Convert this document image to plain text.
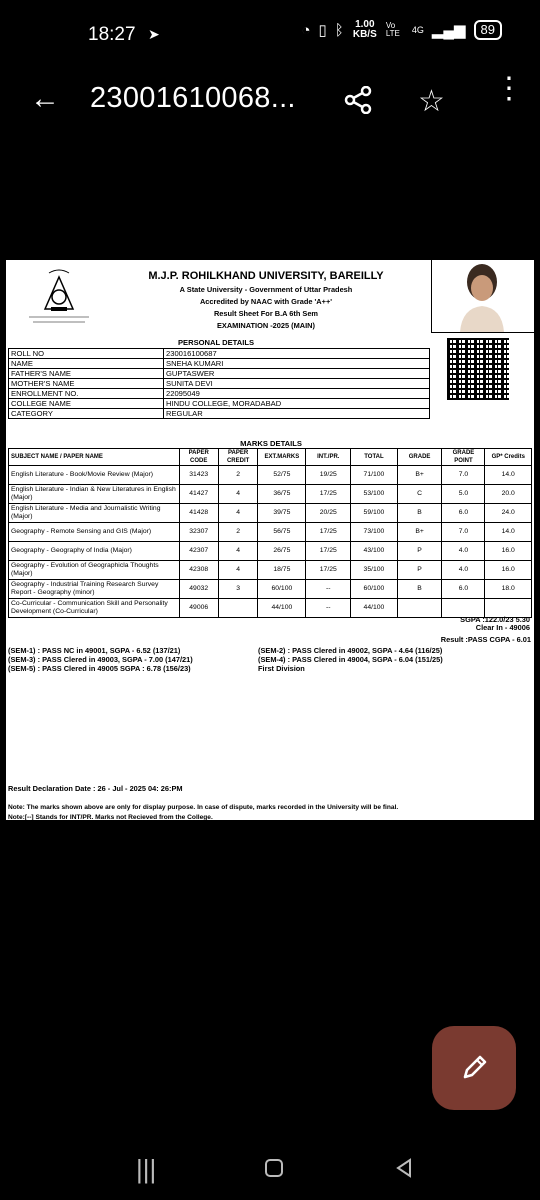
18:27 ➤	◔ ▯ ᛒ	1.00 KB/S
Vo LTE	4G ▂▄▆	89
← 23001610068...	☆ ⋮
M.J.P. ROHILKHAND UNIVERSITY, BAREILLY
A State University - Government of Uttar Pradesh
Accredited by NAAC with Grade 'A++'
Result Sheet For B.A 6th Sem
EXAMINATION -2025 (MAIN)
PERSONAL DETAILS
ROLL NO	230016100687
NAME	SNEHA KUMARI
FATHER'S NAME	GUPTASWER
MOTHER'S NAME	SUNITA DEVI
ENROLLMENT NO.	22095049
COLLEGE NAME	HINDU COLLEGE, MORADABAD
CATEGORY	REGULAR
MARKS DETAILS
SUBJECT NAME / PAPER NAME	PAPER CODE	PAPER CREDIT	EXT.MARKS	INT./PR.	TOTAL	GRADE	GRADE POINT	GP* Credits
English Literature - Book/Movie Review (Major)	31423	2	52/75	19/25	71/100	B+	7.0	14.0
English Literature - Indian & New Literatures in English (Major)	41427	4	36/75	17/25	53/100	C	5.0	20.0
English Literature - Media and Journalistic Writing (Major)	41428	4	39/75	20/25	59/100	B	6.0	24.0
Geography - Remote Sensing and GIS (Major)	32307	2	56/75	17/25	73/100	B+	7.0	14.0
Geography - Geography of India (Major)	42307	4	26/75	17/25	43/100	P	4.0	16.0
Geography - Evolution of Geographicla Thoughts (Major)	42308	4	18/75	17/25	35/100	P	4.0	16.0
Geography - Industrial Training Research Survey Report - Geography (minor)	49032	3	60/100	--	60/100	B	6.0	18.0
Co-Curricular - Communication Skill and Personality Development (Co-Curricular)	49006		44/100	--	44/100			
SGPA :122.0/23 5.30
Clear In - 49006
Result :PASS CGPA - 6.01
(SEM-1) : PASS NC in 49001, SGPA - 6.52 (137/21)
(SEM-3) : PASS Clered in 49003, SGPA - 7.00 (147/21)
(SEM-5) : PASS Clered in 49005 SGPA : 6.78 (156/23)
(SEM-2) : PASS Clered in 49002, SGPA - 4.64 (116/25)
(SEM-4) : PASS Clered in 49004, SGPA - 6.04 (151/25)
First Division
Result Declaration Date : 26 - Jul - 2025 04: 26:PM
Note: The marks shown above are only for display purpose. In case of dispute, marks recorded in the University will be final.
Note:[--] Stands for INT/PR. Marks not Recieved from the College.
|||
